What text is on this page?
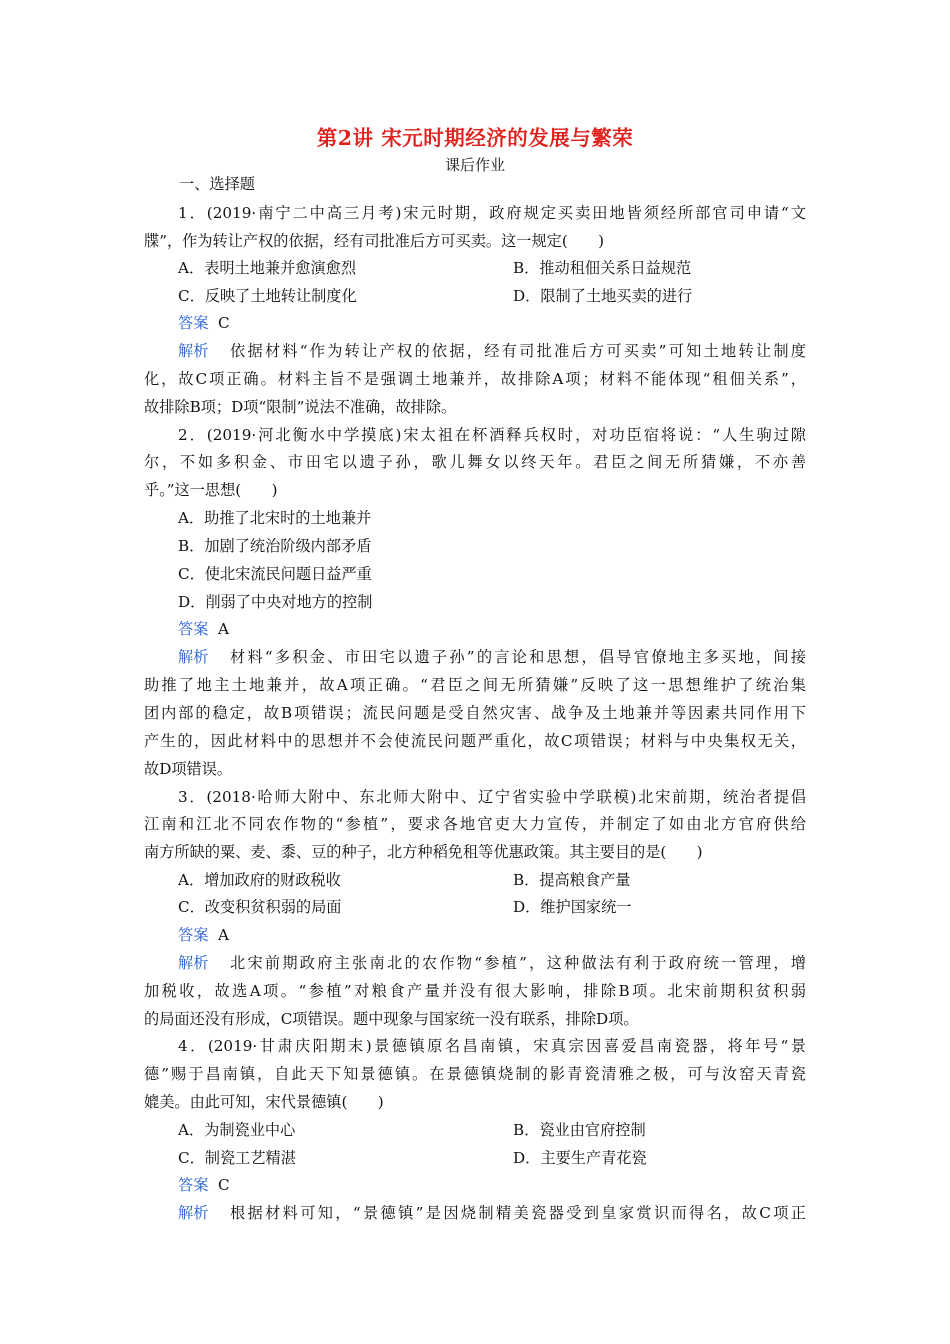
第2讲 宋元时期经济的发展与繁荣
课后作业
一、选择题
1．(2019·南宁二中高三月考)宋元时期，政府规定买卖田地皆须经所部官司申请“文
牒”，作为转让产权的依据，经有司批准后方可买卖。这一规定(　　)
A．表明土地兼并愈演愈烈	B．推动租佃关系日益规范
C．反映了土地转让制度化	D．限制了土地买卖的进行
答案 C
解析 依据材料“作为转让产权的依据，经有司批准后方可买卖”可知土地转让制度
化，故C项正确。材料主旨不是强调土地兼并，故排除A项；材料不能体现“租佃关系”，
故排除B项；D项“限制”说法不准确，故排除。
2．(2019·河北衡水中学摸底)宋太祖在杯酒释兵权时，对功臣宿将说：“人生驹过隙
尔，不如多积金、市田宅以遗子孙，歌儿舞女以终天年。君臣之间无所猜嫌，不亦善
乎。”这一思想(　　)
A．助推了北宋时的土地兼并
B．加剧了统治阶级内部矛盾
C．使北宋流民问题日益严重
D．削弱了中央对地方的控制
答案 A
解析 材料“多积金、市田宅以遗子孙”的言论和思想，倡导官僚地主多买地，间接
助推了地主土地兼并，故A项正确。“君臣之间无所猜嫌”反映了这一思想维护了统治集
团内部的稳定，故B项错误；流民问题是受自然灾害、战争及土地兼并等因素共同作用下
产生的，因此材料中的思想并不会使流民问题严重化，故C项错误；材料与中央集权无关，
故D项错误。
3．(2018·哈师大附中、东北师大附中、辽宁省实验中学联模)北宋前期，统治者提倡
江南和江北不同农作物的“参植”，要求各地官吏大力宣传，并制定了如由北方官府供给
南方所缺的粟、麦、黍、豆的种子，北方种稻免租等优惠政策。其主要目的是(　　)
A．增加政府的财政税收	B．提高粮食产量
C．改变积贫积弱的局面	D．维护国家统一
答案 A
解析 北宋前期政府主张南北的农作物“参植”，这种做法有利于政府统一管理，增
加税收，故选A项。“参植”对粮食产量并没有很大影响，排除B项。北宋前期积贫积弱
的局面还没有形成，C项错误。题中现象与国家统一没有联系，排除D项。
4．(2019·甘肃庆阳期末)景德镇原名昌南镇，宋真宗因喜爱昌南瓷器，将年号“景
德”赐于昌南镇，自此天下知景德镇。在景德镇烧制的影青瓷清雅之极，可与汝窑天青瓷
媲美。由此可知，宋代景德镇(　　)
A．为制瓷业中心	B．瓷业由官府控制
C．制瓷工艺精湛	D．主要生产青花瓷
答案 C
解析 根据材料可知，“景德镇”是因烧制精美瓷器受到皇家赏识而得名，故C项正
